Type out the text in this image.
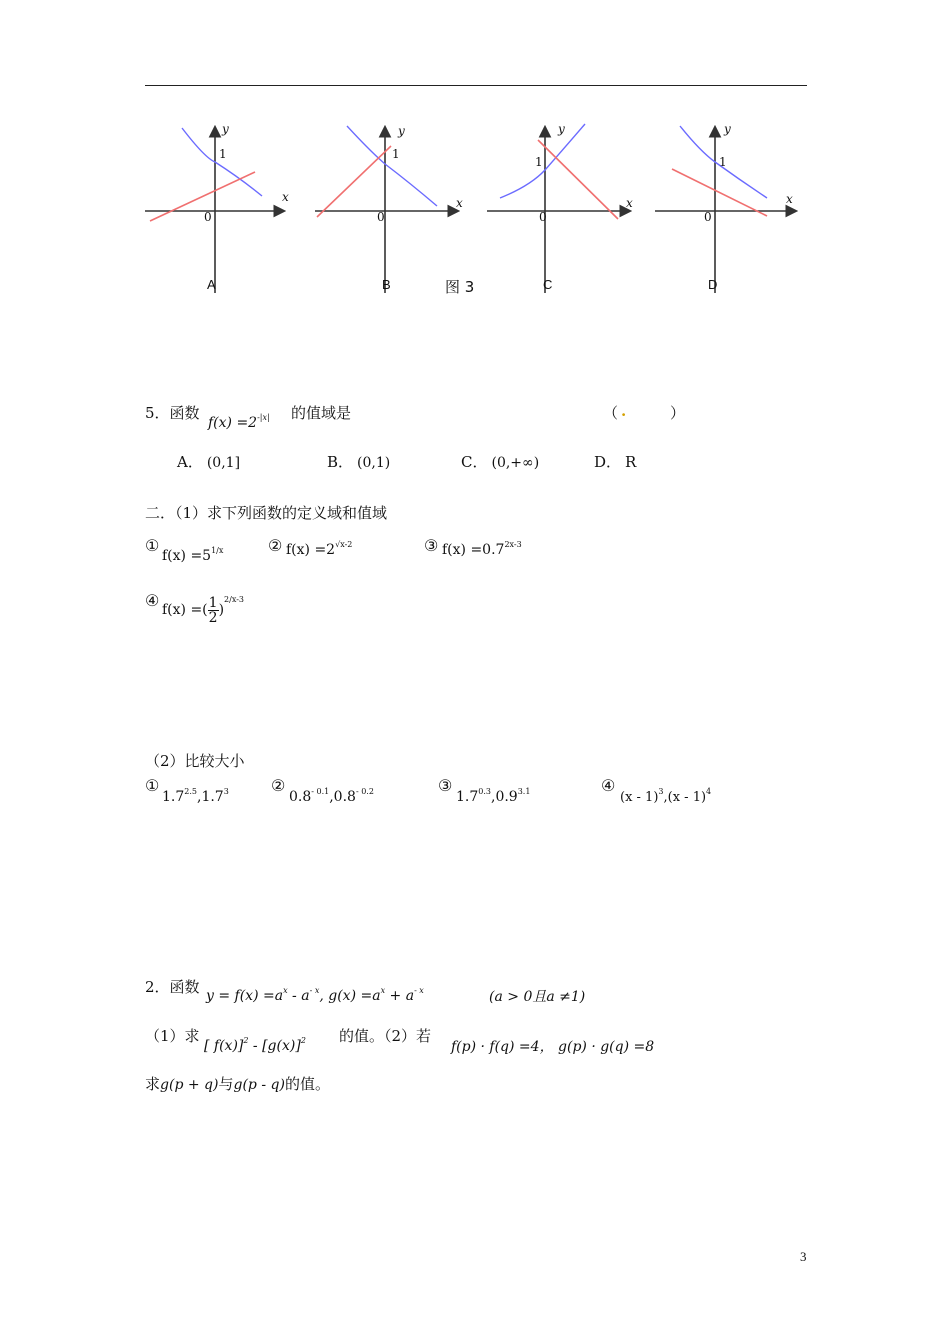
y
1
0
x
A
y
1
0
x
B	图 3
y
1
0
x
C
y
1
0
x
D
5．函数
$f(x) =2^{-|x|}$ 的值域是	（ .	）
A． (0,1]	B． (0,1)	C． (0,+∞)	D． R
二．（1）求下列函数的定义域和值域
①
$f(x) =5^{1/x}$	② $f(x) =2^{√x-2}$	③ $f(x) =0.7^{2x-3}$
④ f(x) =( $\frac{1}{2} )^{2/x-3}$
（2）比较大小
①
$1.7^{2.5},1.7^3$	②
$0.8^{- 0.1},0.8^{- 0.2}$	③
$1.7^{0.3},0.9^{3.1}$	④
(x - 1)$^3$,(x - 1)$^4$
2．函数 $y = f(x) =a^x - a^{- x}$, $g(x) =a^x + a^{- x}$	(a > 0且a ≠1)
（1）求
[ $f(x)]^2 - [g(x)]^2$ 的值。（2）若
f(p) · f(q) =4， g(p) · g(q) =8
求g(p + q)与g(p - q)的值。
3
